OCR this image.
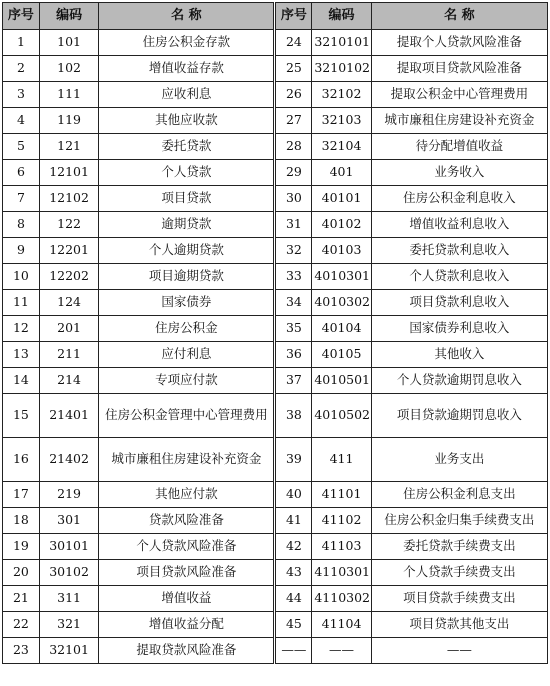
序号	编码	名 称	序号	编码	名 称
1	101	住房公积金存款	24	3210101	提取个人贷款风险准备
2	102	增值收益存款	25	3210102	提取项目贷款风险准备
3	111	应收利息	26	32102	提取公积金中心管理费用
4	119	其他应收款	27	32103	城市廉租住房建设补充资金
5	121	委托贷款	28	32104	待分配增值收益
6	12101	个人贷款	29	401	业务收入
7	12102	项目贷款	30	40101	住房公积金利息收入
8	122	逾期贷款	31	40102	增值收益利息收入
9	12201	个人逾期贷款	32	40103	委托贷款利息收入
10	12202	项目逾期贷款	33	4010301	个人贷款利息收入
11	124	国家债券	34	4010302	项目贷款利息收入
12	201	住房公积金	35	40104	国家债券利息收入
13	211	应付利息	36	40105	其他收入
14	214	专项应付款	37	4010501	个人贷款逾期罚息收入
15	21401	住房公积金管理中心管理费用	38	4010502	项目贷款逾期罚息收入
16	21402	城市廉租住房建设补充资金	39	411	业务支出
17	219	其他应付款	40	41101	住房公积金利息支出
18	301	贷款风险准备	41	41102	住房公积金归集手续费支出
19	30101	个人贷款风险准备	42	41103	委托贷款手续费支出
20	30102	项目贷款风险准备	43	4110301	个人贷款手续费支出
21	311	增值收益	44	4110302	项目贷款手续费支出
22	321	增值收益分配	45	41104	项目贷款其他支出
23	32101	提取贷款风险准备	——	——	——
